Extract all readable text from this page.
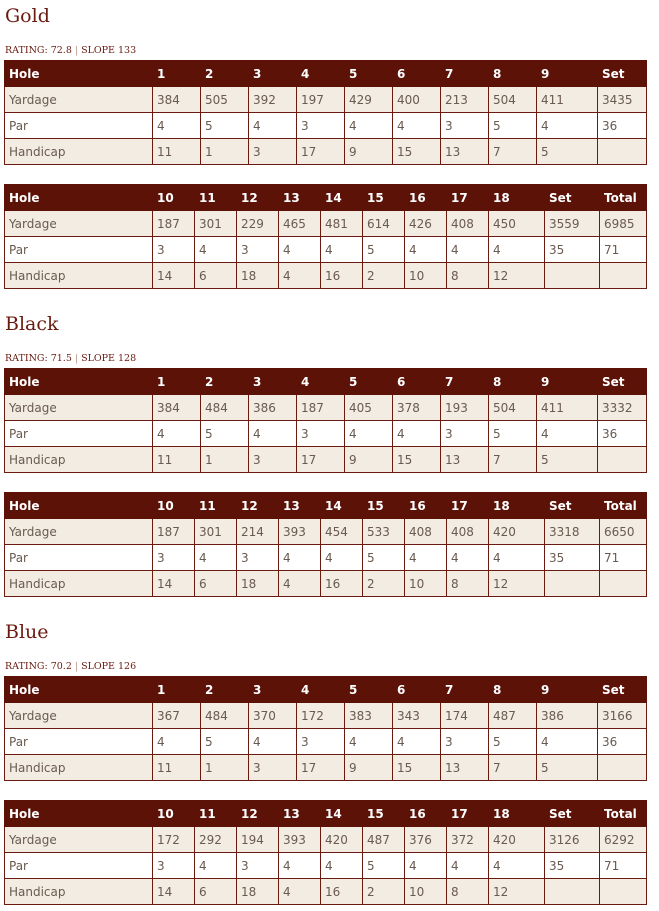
Gold
RATING: 72.8 | SLOPE 133
Hole	1	2	3	4	5	6	7	8	9	Set
Yardage	384	505	392	197	429	400	213	504	411	3435
Par	4	5	4	3	4	4	3	5	4	36
Handicap	11	1	3	17	9	15	13	7	5	
Hole	10	11	12	13	14	15	16	17	18	Set	Total
Yardage	187	301	229	465	481	614	426	408	450	3559	6985
Par	3	4	3	4	4	5	4	4	4	35	71
Handicap	14	6	18	4	16	2	10	8	12		
Black
RATING: 71.5 | SLOPE 128
Hole	1	2	3	4	5	6	7	8	9	Set
Yardage	384	484	386	187	405	378	193	504	411	3332
Par	4	5	4	3	4	4	3	5	4	36
Handicap	11	1	3	17	9	15	13	7	5	
Hole	10	11	12	13	14	15	16	17	18	Set	Total
Yardage	187	301	214	393	454	533	408	408	420	3318	6650
Par	3	4	3	4	4	5	4	4	4	35	71
Handicap	14	6	18	4	16	2	10	8	12		
Blue
RATING: 70.2 | SLOPE 126
Hole	1	2	3	4	5	6	7	8	9	Set
Yardage	367	484	370	172	383	343	174	487	386	3166
Par	4	5	4	3	4	4	3	5	4	36
Handicap	11	1	3	17	9	15	13	7	5	
Hole	10	11	12	13	14	15	16	17	18	Set	Total
Yardage	172	292	194	393	420	487	376	372	420	3126	6292
Par	3	4	3	4	4	5	4	4	4	35	71
Handicap	14	6	18	4	16	2	10	8	12		
